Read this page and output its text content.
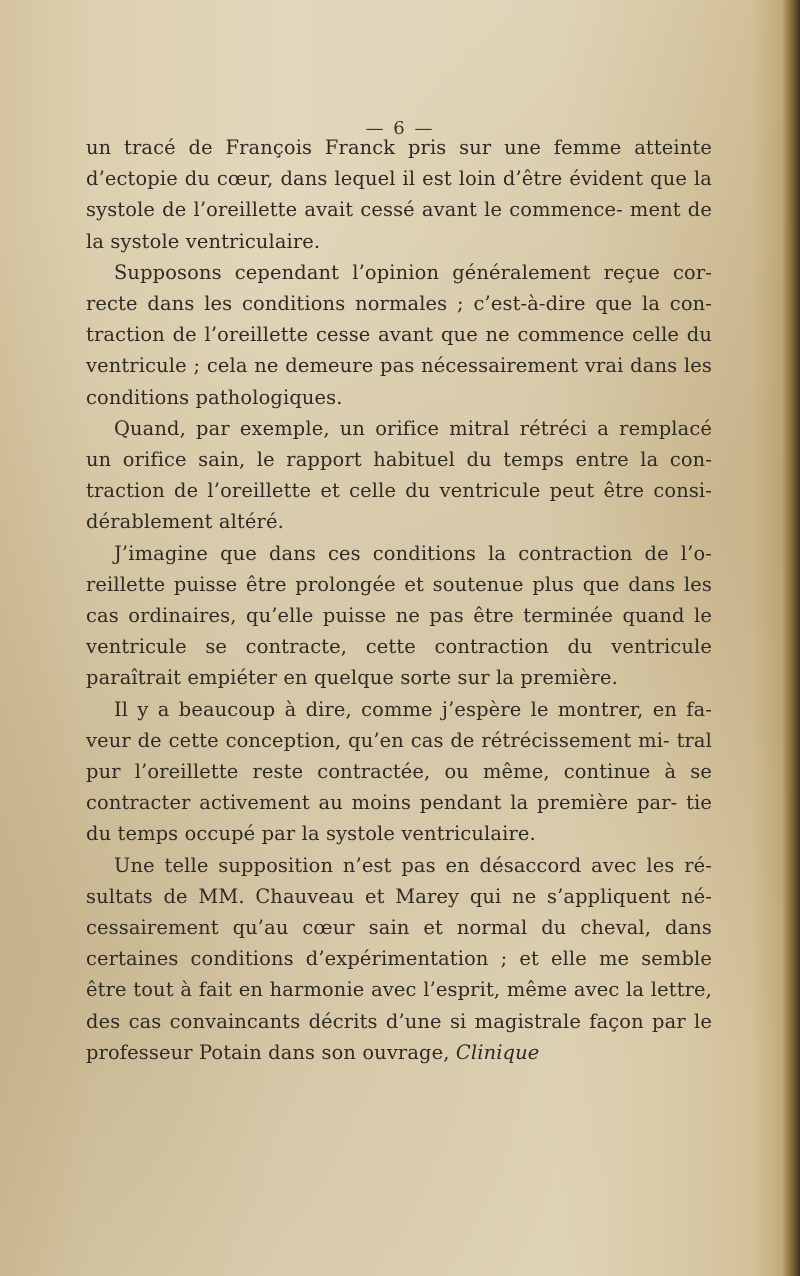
— 6 —

un tracé de François Franck pris sur une femme atteinte d’ectopie du cœur, dans lequel il est loin d’être évident que la systole de l’oreillette avait cessé avant le commence- ment de la systole ventriculaire.

Supposons cependant l’opinion généralement reçue cor- recte dans les conditions normales ; c’est-à-dire que la con- traction de l’oreillette cesse avant que ne commence celle du ventricule ; cela ne demeure pas nécessairement vrai dans les conditions pathologiques.

Quand, par exemple, un orifice mitral rétréci a remplacé un orifice sain, le rapport habituel du temps entre la con- traction de l’oreillette et celle du ventricule peut être consi- dérablement altéré.

J’imagine que dans ces conditions la contraction de l’o- reillette puisse être prolongée et soutenue plus que dans les cas ordinaires, qu’elle puisse ne pas être terminée quand le ventricule se contracte, cette contraction du ventricule paraîtrait empiéter en quelque sorte sur la première.

Il y a beaucoup à dire, comme j’espère le montrer, en fa- veur de cette conception, qu’en cas de rétrécissement mi- tral pur l’oreillette reste contractée, ou même, continue à se contracter activement au moins pendant la première par- tie du temps occupé par la systole ventriculaire.

Une telle supposition n’est pas en désaccord avec les ré- sultats de MM. Chauveau et Marey qui ne s’appliquent né- cessairement qu’au cœur sain et normal du cheval, dans certaines conditions d’expérimentation ; et elle me semble être tout à fait en harmonie avec l’esprit, même avec la lettre, des cas convaincants décrits d’une si magistrale façon par le professeur Potain dans son ouvrage, Clinique
